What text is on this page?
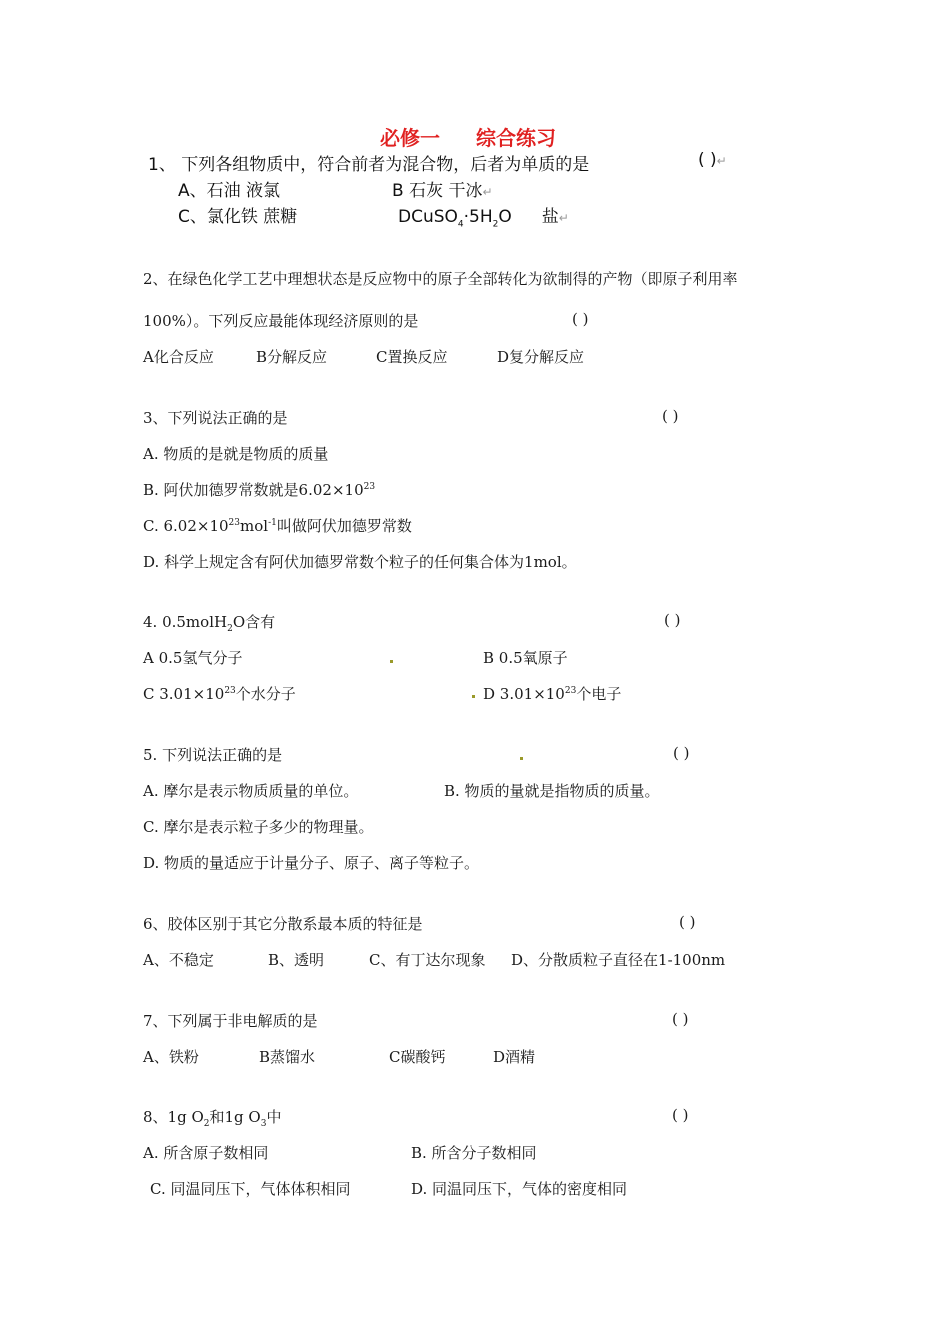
必修一 综合练习
1、 下列各组物质中，符合前者为混合物，后者为单质的是	( )↵
A、石油 液氯	B 石灰 干冰↵
C、氯化铁 蔗糖	$DCuSO_4\cdot 5H_2O$ 盐↵
2、在绿色化学工艺中理想状态是反应物中的原子全部转化为欲制得的产物（即原子利用率
100%）。下列反应最能体现经济原则的是	( )
A化合反应	B分解反应	C置换反应	D复分解反应
3、下列说法正确的是	( )
A. 物质的是就是物质的质量
B. 阿伏加德罗常数就是$6.02\times 10^{23}$
C. $6.02\times 10^{23}mol^{-1}$叫做阿伏加德罗常数
D. 科学上规定含有阿伏加德罗常数个粒子的任何集合体为1mol。
4. 0.5molH$_2$O含有	( )
A 0.5氢气分子	B 0.5氧原子
C $3.01\times 10^{23}$个水分子	D $3.01\times 10^{23}$个电子
5. 下列说法正确的是	( )
A. 摩尔是表示物质质量的单位。	B. 物质的量就是指物质的质量。
C. 摩尔是表示粒子多少的物理量。
D. 物质的量适应于计量分子、原子、离子等粒子。
6、胶体区别于其它分散系最本质的特征是	( )
A、不稳定	B、透明	C、有丁达尔现象 D、分散质粒子直径在1-100nm
7、下列属于非电解质的是	( )
A、铁粉	B蒸馏水	C碳酸钙	D酒精
8、1g $O_2$和1g $O_3$中	( )
A. 所含原子数相同	B. 所含分子数相同
C. 同温同压下，气体体积相同	D. 同温同压下，气体的密度相同
